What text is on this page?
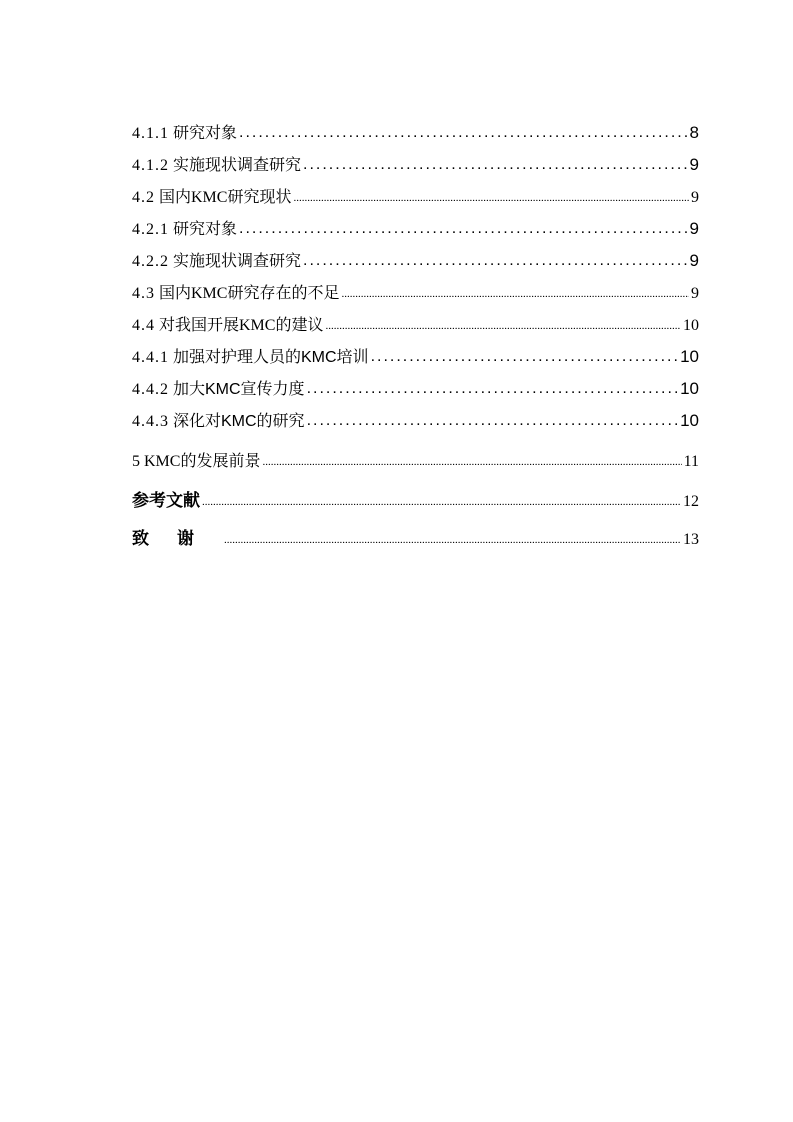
4.1.1 研究对象 .....	8
4.1.2 实施现状调查研究 .....	9
4.2 国内KMC研究现状 .....	9
4.2.1 研究对象 .....	9
4.2.2 实施现状调查研究 .....	9
4.3 国内KMC研究存在的不足 .....	9
4.4 对我国开展KMC的建议 .....	10
4.4.1 加强对护理人员的KMC培训 .....	10
4.4.2 加大KMC宣传力度 .....	10
4.4.3 深化对KMC的研究 .....	10
5 KMC的发展前景 .....	11
参考文献 .....	12
致谢 .....	13
